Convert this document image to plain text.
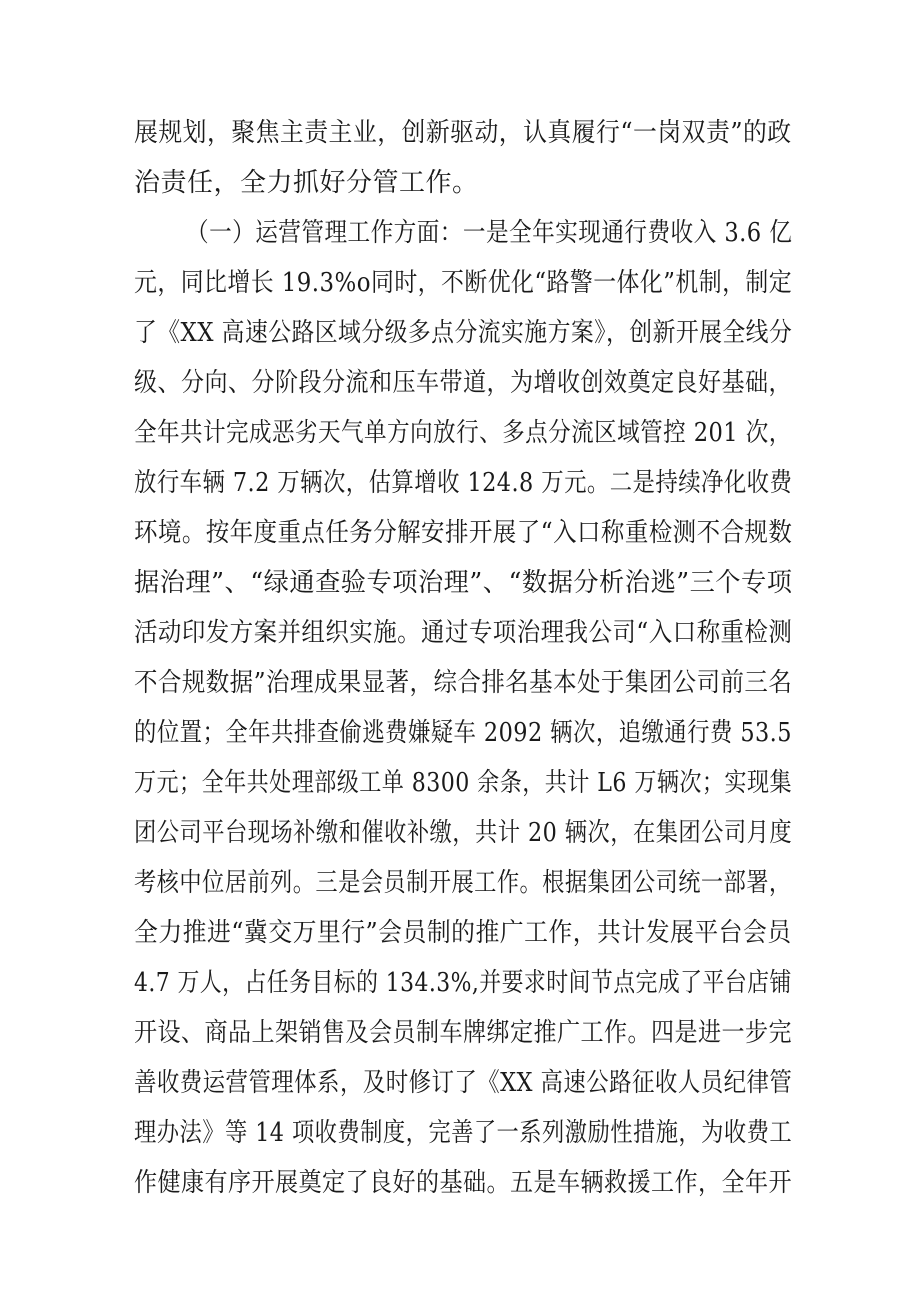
展规划，聚焦主责主业，创新驱动，认真履行“一岗双责”的政
治责任，全力抓好分管工作。
（一）运营管理工作方面：一是全年实现通行费收入 3.6 亿
元，同比增长 19.3%o同时，不断优化“路警一体化”机制，制定
了《XX 高速公路区域分级多点分流实施方案》，创新开展全线分
级、分向、分阶段分流和压车带道，为增收创效奠定良好基础，
全年共计完成恶劣天气单方向放行、多点分流区域管控 201 次，
放行车辆 7.2 万辆次，估算增收 124.8 万元。二是持续净化收费
环境。按年度重点任务分解安排开展了“入口称重检测不合规数
据治理”、“绿通查验专项治理”、“数据分析治逃”三个专项
活动印发方案并组织实施。通过专项治理我公司“入口称重检测
不合规数据”治理成果显著，综合排名基本处于集团公司前三名
的位置；全年共排查偷逃费嫌疑车 2092 辆次，追缴通行费 53.5
万元；全年共处理部级工单 8300 余条，共计 L6 万辆次；实现集
团公司平台现场补缴和催收补缴，共计 20 辆次，在集团公司月度
考核中位居前列。三是会员制开展工作。根据集团公司统一部署，
全力推进“冀交万里行”会员制的推广工作，共计发展平台会员
4.7 万人，占任务目标的 134.3%,并要求时间节点完成了平台店铺
开设、商品上架销售及会员制车牌绑定推广工作。四是进一步完
善收费运营管理体系，及时修订了《XX 高速公路征收人员纪律管
理办法》等 14 项收费制度，完善了一系列激励性措施，为收费工
作健康有序开展奠定了良好的基础。五是车辆救援工作，全年开
